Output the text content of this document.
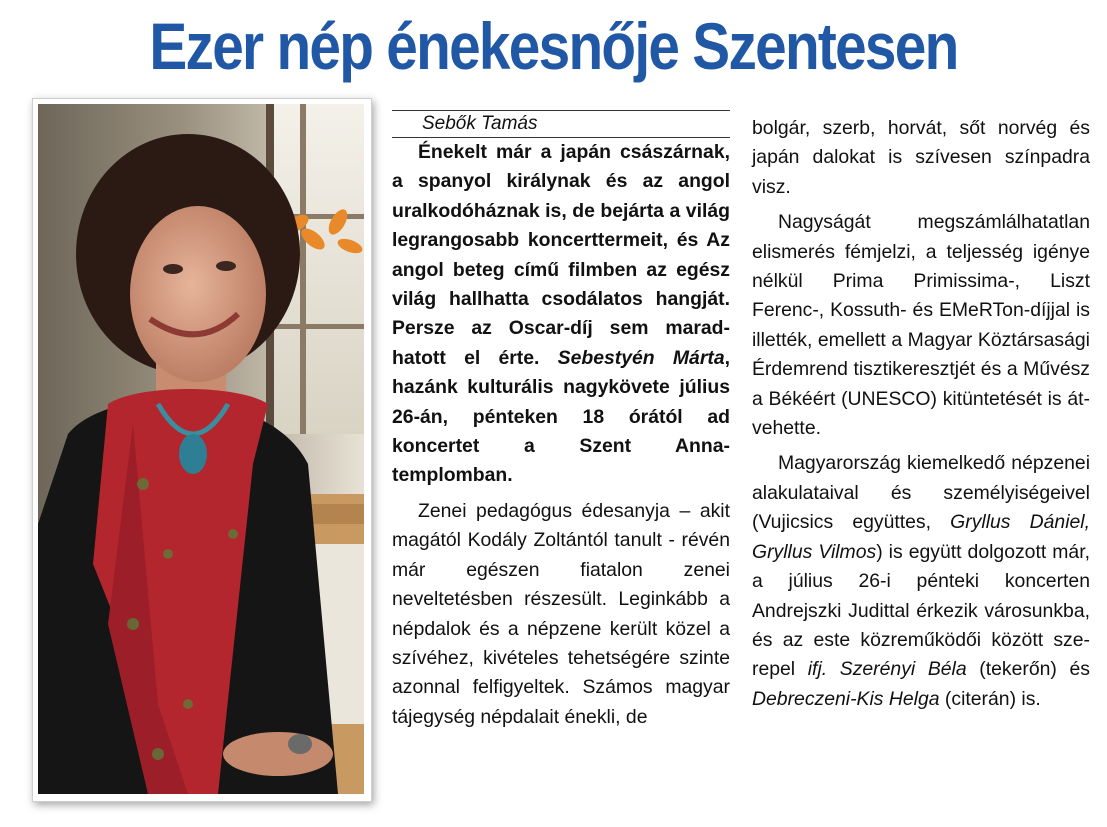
Ezer nép énekesnője Szentesen

Sebők Tamás

Énekelt már a japán császárnak, a spanyol királynak és az angol uralkodóháznak is, de bejárta a világ legrangosabb koncerttermeit, és Az angol beteg című filmben az egész világ hallhatta csodálatos hangját. Persze az Oscar-díj sem maradhatott el érte. Sebestyén Márta, hazánk kulturális nagykövete július 26-án, pénteken 18 órától ad koncertet a Szent Anna-templomban.

Zenei pedagógus édesanyja – akit magától Kodály Zoltántól tanult - révén már egészen fiatalon zenei neveltetésben részesült. Leginkább a népdalok és a népzene került közel a szívéhez, kivételes tehetségére szinte azonnal felfigyeltek. Számos magyar tájegység népdalait énekli, de

bolgár, szerb, horvát, sőt norvég és japán dalokat is szívesen színpadra visz.

Nagyságát megszámlálhatatlan elismerés fémjelzi, a teljesség igénye nélkül Prima Primissima-, Liszt Ferenc-, Kossuth- és EMeRTon-díjjal is illették, emellett a Magyar Köztársasági Érdemrend tisztikeresztjét és a Művész a Békéért (UNESCO) kitüntetését is átvehette.

Magyarország kiemelkedő népzenei alakulataival és személyiségeivel (Vujicsics együttes, Gryllus Dániel, Gryllus Vilmos) is együtt dolgozott már, a július 26-i pénteki koncerten Andrejszki Judittal érkezik városunkba, és az este közreműködői között szerepel ifj. Szerényi Béla (tekerőn) és Debreczeni-Kis Helga (citerán) is.
